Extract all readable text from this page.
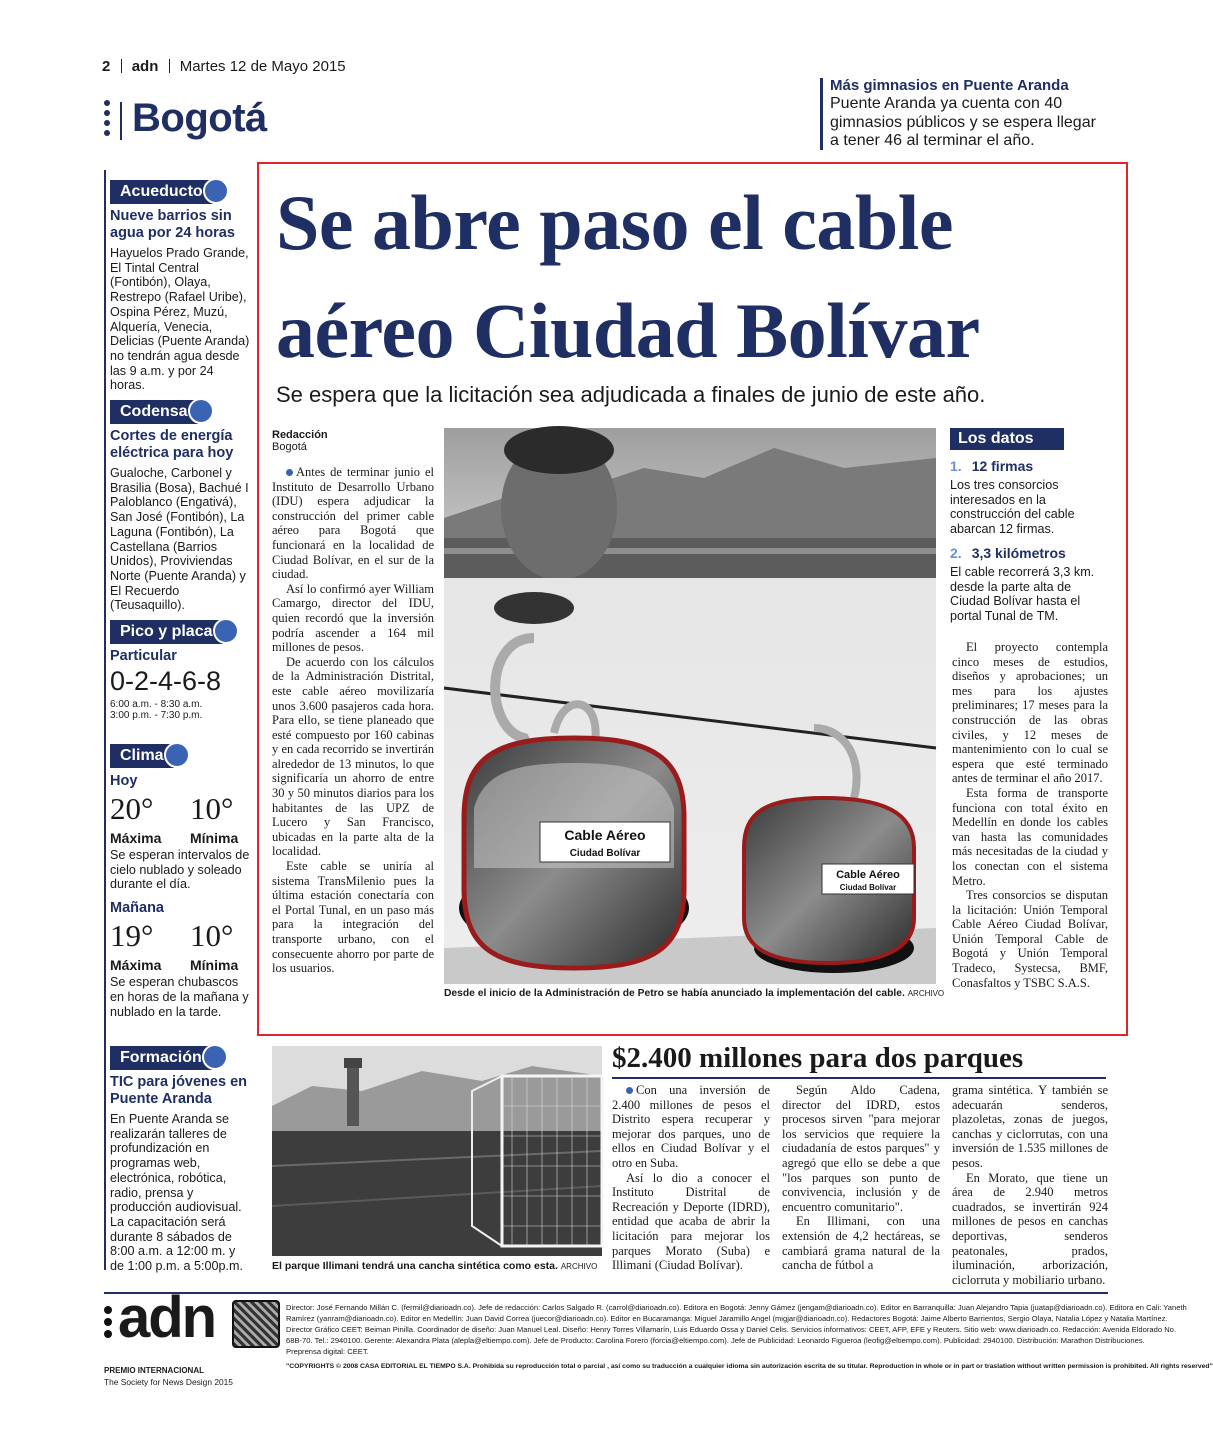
2 adn Martes 12 de Mayo 2015
Bogotá
Más gimnasios en Puente Aranda
Puente Aranda ya cuenta con 40 gimnasios públicos y se espera llegar a tener 46 al terminar el año.
Acueducto
Nueve barrios sin agua por 24 horas
Hayuelos Prado Grande, El Tintal Central (Fontibón), Olaya, Restrepo (Rafael Uribe), Ospina Pérez, Muzú, Alquería, Venecia, Delicias (Puente Aranda) no tendrán agua desde las 9 a.m. y por 24 horas.
Codensa
Cortes de energía eléctrica para hoy
Gualoche, Carbonel y Brasilia (Bosa), Bachué I Paloblanco (Engativá), San José (Fontibón), La Laguna (Fontibón), La Castellana (Barrios Unidos), Proviviendas Norte (Puente Aranda) y El Recuerdo (Teusaquillo).
Pico y placa
Particular
0-2-4-6-8
6:00 a.m. - 8:30 a.m.
3:00 p.m. - 7:30 p.m.
Clima
Hoy
20°	10°
Máxima	Mínima
Se esperan intervalos de cielo nublado y soleado durante el día.
Mañana
19°	10°
Máxima	Mínima
Se esperan chubascos en horas de la mañana y nublado en la tarde.
Formación
TIC para jóvenes en Puente Aranda
En Puente Aranda se realizarán talleres de profundización en programas web, electrónica, robótica, radio, prensa y producción audiovisual. La capacitación será durante 8 sábados de 8:00 a.m. a 12:00 m. y de 1:00 p.m. a 5:00p.m.
Se abre paso el cable
aéreo Ciudad Bolívar
Se espera que la licitación sea adjudicada a finales de junio de este año.
Redacción
Bogotá

Antes de terminar junio el Instituto de Desarrollo Urbano (IDU) espera adjudicar la construcción del primer cable aéreo para Bogotá que funcionará en la localidad de Ciudad Bolívar, en el sur de la ciudad.

Así lo confirmó ayer William Camargo, director del IDU, quien recordó que la inversión podría ascender a 164 mil millones de pesos.

De acuerdo con los cálculos de la Administración Distrital, este cable aéreo movilizaría unos 3.600 pasajeros cada hora. Para ello, se tiene planeado que esté compuesto por 160 cabinas y en cada recorrido se invertirán alrededor de 13 minutos, lo que significaría un ahorro de entre 30 y 50 minutos diarios para los habitantes de las UPZ de Lucero y San Francisco, ubicadas en la parte alta de la localidad.

Este cable se uniría al sistema TransMilenio pues la última estación conectaría con el Portal Tunal, en un paso más para la integración del transporte urbano, con el consecuente ahorro por parte de los usuarios.

Cable Aéreo
Ciudad Bolívar
Cable Aéreo
Ciudad Bolívar
Desde el inicio de la Administración de Petro se había anunciado la implementación del cable. ARCHIVO
Los datos
1. 12 firmas
Los tres consorcios interesados en la construcción del cable abarcan 12 firmas.
2. 3,3 kilómetros
El cable recorrerá 3,3 km. desde la parte alta de Ciudad Bolívar hasta el portal Tunal de TM.

El proyecto contempla cinco meses de estudios, diseños y aprobaciones; un mes para los ajustes preliminares; 17 meses para la construcción de las obras civiles, y 12 meses de mantenimiento con lo cual se espera que esté terminado antes de terminar el año 2017.

Esta forma de transporte funciona con total éxito en Medellín en donde los cables van hasta las comunidades más necesitadas de la ciudad y los conectan con el sistema Metro.

Tres consorcios se disputan la licitación: Unión Temporal Cable Aéreo Ciudad Bolívar, Unión Temporal Cable de Bogotá y Unión Temporal Tradeco, Systecsa, BMF, Conasfaltos y TSBC S.A.S.

$2.400 millones para dos parques
El parque Illimani tendrá una cancha sintética como esta. ARCHIVO

Con una inversión de 2.400 millones de pesos el Distrito espera recuperar y mejorar dos parques, uno de ellos en Ciudad Bolívar y el otro en Suba.

Así lo dio a conocer el Instituto Distrital de Recreación y Deporte (IDRD), entidad que acaba de abrir la licitación para mejorar los parques Morato (Suba) e Illimani (Ciudad Bolívar).

Según Aldo Cadena, director del IDRD, estos procesos sirven "para mejorar los servicios que requiere la ciudadanía de estos parques" y agregó que ello se debe a que "los parques son punto de convivencia, inclusión y de encuentro comunitario".

En Illimani, con una extensión de 4,2 hectáreas, se cambiará grama natural de la cancha de fútbol a

grama sintética. Y también se adecuarán senderos, plazoletas, zonas de juegos, canchas y ciclorrutas, con una inversión de 1.535 millones de pesos.

En Morato, que tiene un área de 2.940 metros cuadrados, se invertirán 924 millones de pesos en canchas deportivas, senderos peatonales, prados, iluminación, arborización, ciclorruta y mobiliario urbano.

adn
PREMIO INTERNACIONAL
The Society for News Design 2015
Director: José Fernando Millán C. (fermil@diarioadn.co). Jefe de redacción: Carlos Salgado R. (carrol@diarioadn.co). Editora en Bogotá: Jenny Gámez (jengam@diarioadn.co). Editor en Barranquilla: Juan Alejandro Tapia (juatap@diarioadn.co). Editora en Cali: Yaneth
Ramírez (yanram@diarioadn.co). Editor en Medellín: Juan David Correa (juecor@diarioadn.co). Editor en Bucaramanga: Miguel Jaramillo Angel (migjar@diarioadn.co). Redactores Bogotá: Jaime Alberto Barrientos, Sergio Olaya, Natalia López y Natalia Martínez.
Director Gráfico CEET: Beiman Pinilla. Coordinador de diseño: Juan Manuel Leal. Diseño: Henry Torres Villamarín, Luis Eduardo Ossa y Daniel Celis. Servicios informativos: CEET, AFP, EFE y Reuters. Sitio web: www.diarioadn.co. Redacción: Avenida Eldorado No.
68B-70. Tel.: 2940100. Gerente: Alexandra Plata (alepla@eltiempo.com). Jefe de Producto: Carolina Forero (forcia@eltiempo.com). Jefe de Publicidad: Leonardo Figueroa (leofig@eltiempo.com). Publicidad: 2940100. Distribución: Marathon Distribuciones.
Preprensa digital: CEET.
"COPYRIGHTS © 2008 CASA EDITORIAL EL TIEMPO S.A. Prohibida su reproducción total o parcial , así como su traducción a cualquier idioma sin autorización escrita de su titular. Reproduction in whole or in part or traslation without written permission is prohibited. All rights reserved"
